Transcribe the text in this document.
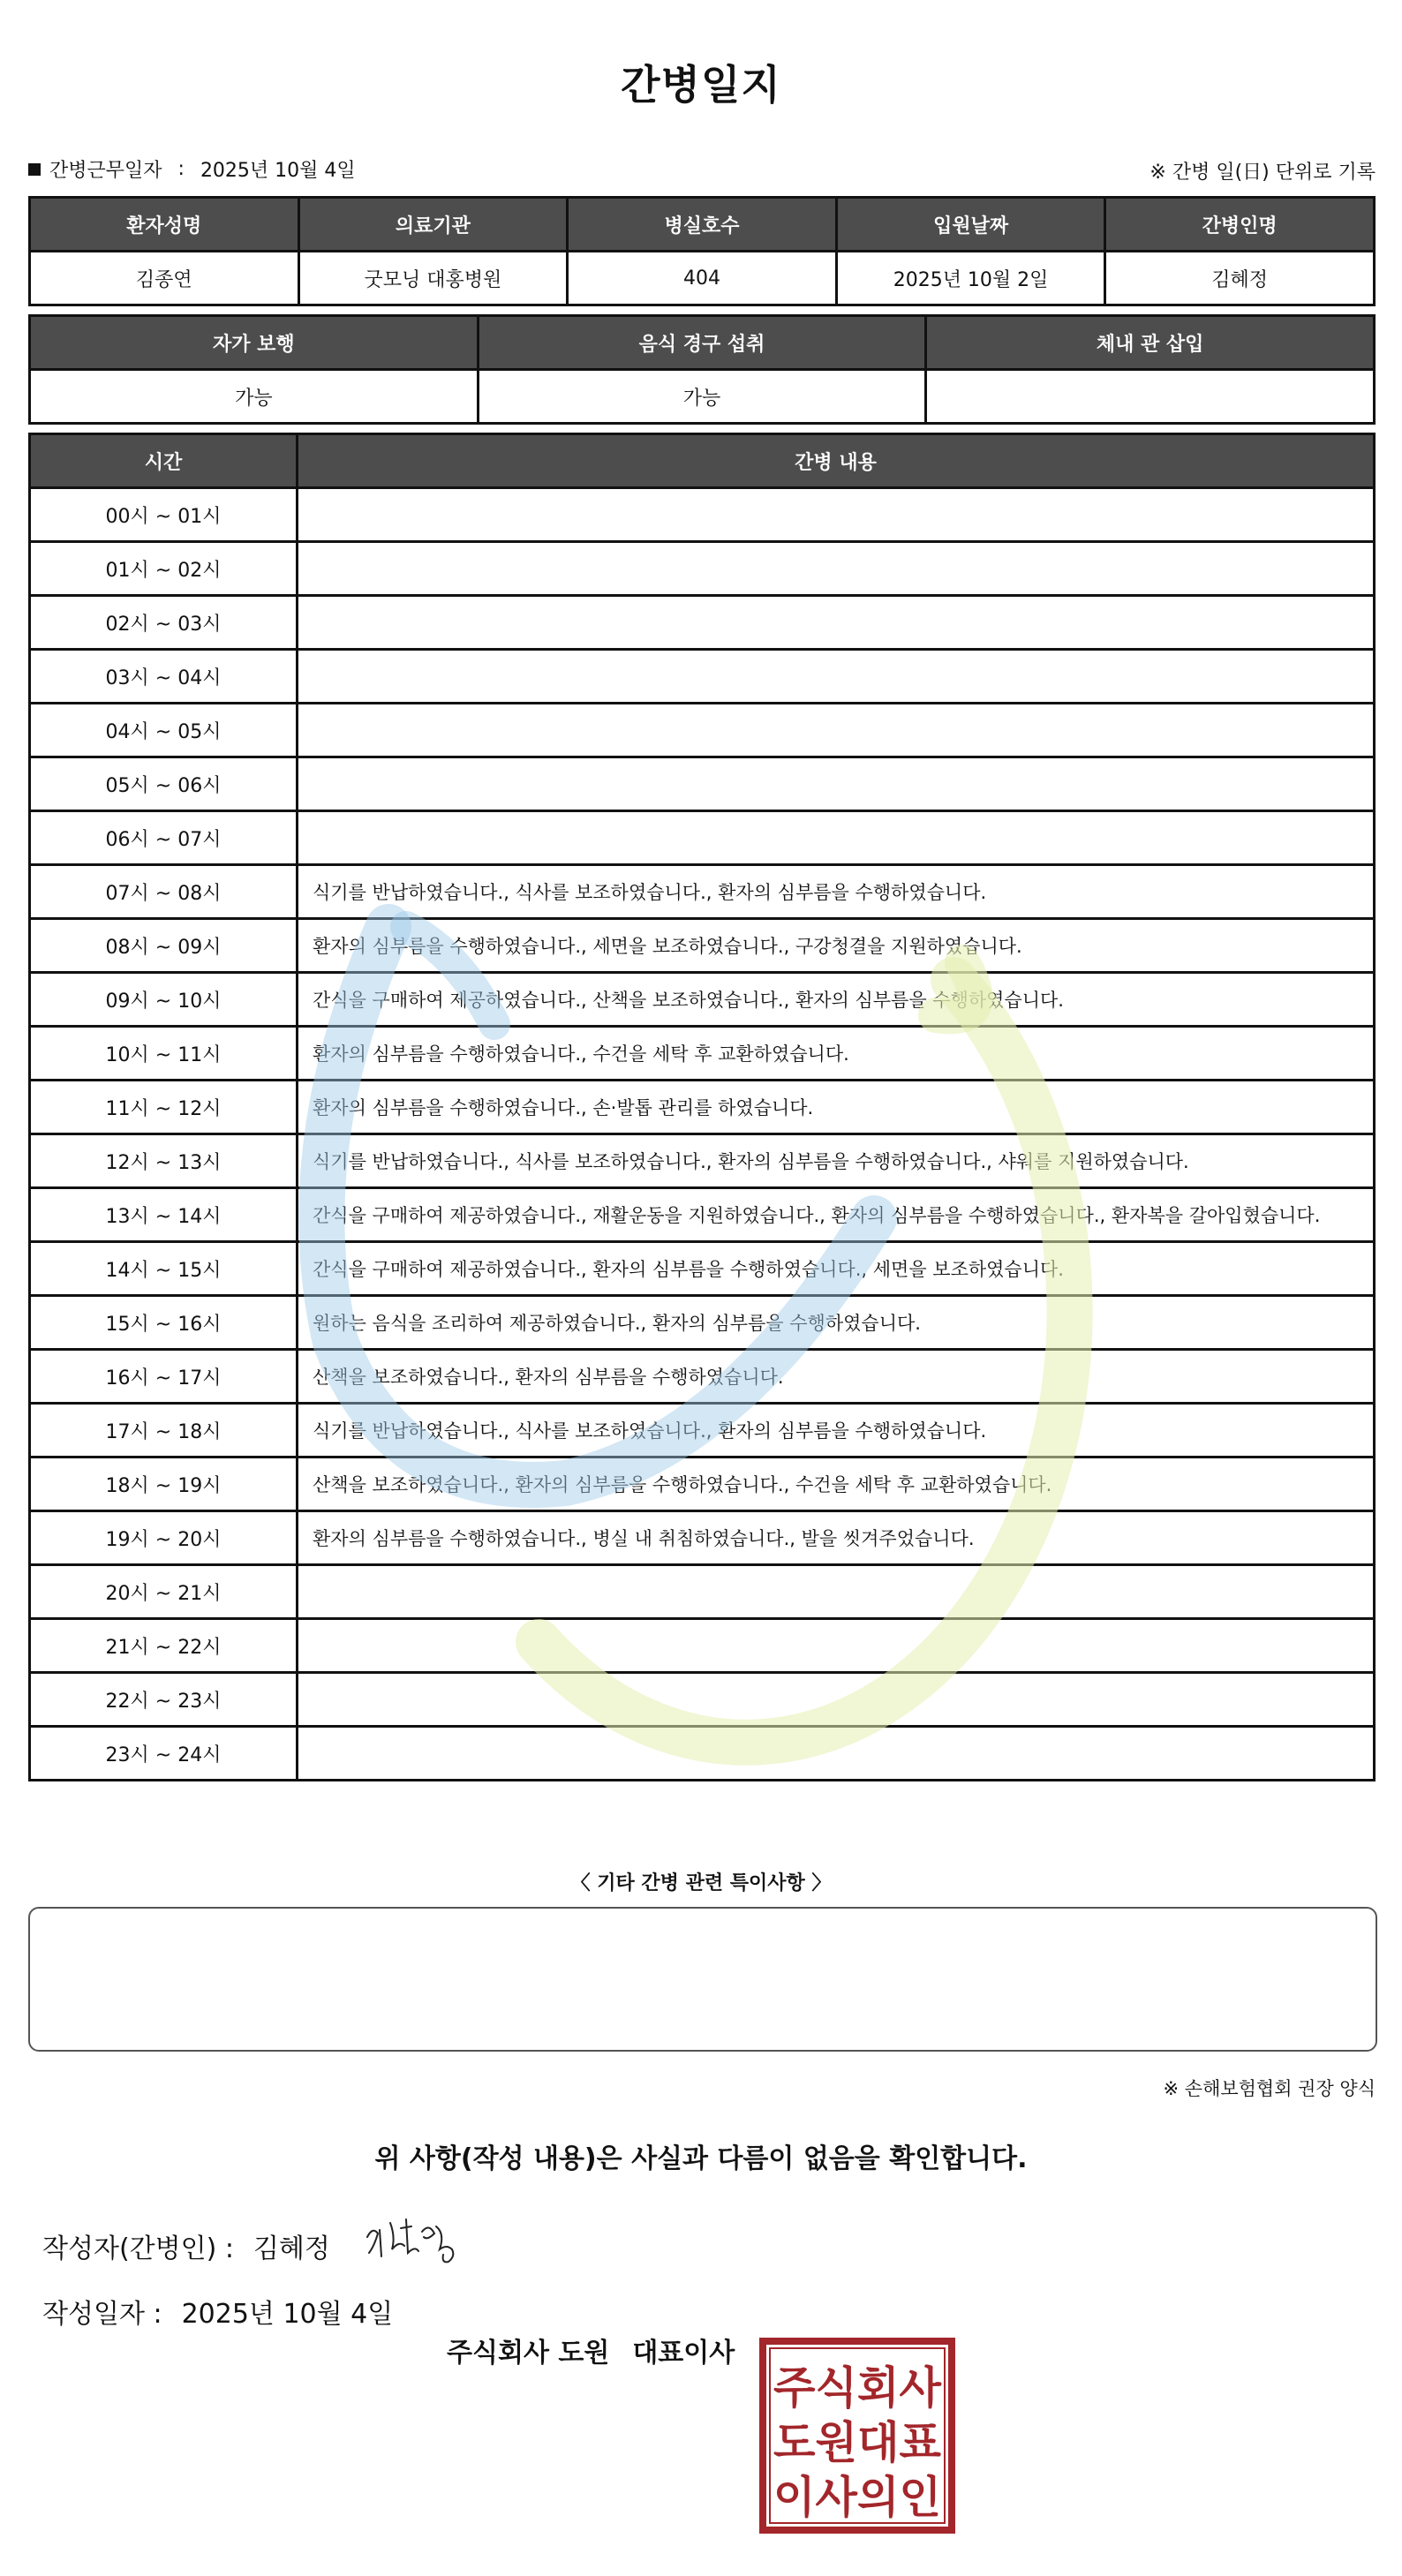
간병일지
간병근무일자 : 2025년 10월 4일	※ 간병 일(日) 단위로 기록
환자성명	의료기관	병실호수	입원날짜	간병인명
김종연	굿모닝 대홍병원	404	2025년 10월 2일	김혜정
자가 보행	음식 경구 섭취	체내 관 삽입
가능	가능	
시간	간병 내용
00시 ~ 01시	
01시 ~ 02시	
02시 ~ 03시	
03시 ~ 04시	
04시 ~ 05시	
05시 ~ 06시	
06시 ~ 07시	
07시 ~ 08시	식기를 반납하였습니다., 식사를 보조하였습니다., 환자의 심부름을 수행하였습니다.
08시 ~ 09시	환자의 심부름을 수행하였습니다., 세면을 보조하였습니다., 구강청결을 지원하였습니다.
09시 ~ 10시	간식을 구매하여 제공하였습니다., 산책을 보조하였습니다., 환자의 심부름을 수행하였습니다.
10시 ~ 11시	환자의 심부름을 수행하였습니다., 수건을 세탁 후 교환하였습니다.
11시 ~ 12시	환자의 심부름을 수행하였습니다., 손·발톱 관리를 하였습니다.
12시 ~ 13시	식기를 반납하였습니다., 식사를 보조하였습니다., 환자의 심부름을 수행하였습니다., 샤워를 지원하였습니다.
13시 ~ 14시	간식을 구매하여 제공하였습니다., 재활운동을 지원하였습니다., 환자의 심부름을 수행하였습니다., 환자복을 갈아입혔습니다.
14시 ~ 15시	간식을 구매하여 제공하였습니다., 환자의 심부름을 수행하였습니다., 세면을 보조하였습니다.
15시 ~ 16시	원하는 음식을 조리하여 제공하였습니다., 환자의 심부름을 수행하였습니다.
16시 ~ 17시	산책을 보조하였습니다., 환자의 심부름을 수행하였습니다.
17시 ~ 18시	식기를 반납하였습니다., 식사를 보조하였습니다., 환자의 심부름을 수행하였습니다.
18시 ~ 19시	산책을 보조하였습니다., 환자의 심부름을 수행하였습니다., 수건을 세탁 후 교환하였습니다.
19시 ~ 20시	환자의 심부름을 수행하였습니다., 병실 내 취침하였습니다., 발을 씻겨주었습니다.
20시 ~ 21시	
21시 ~ 22시	
22시 ~ 23시	
23시 ~ 24시	
〈 기타 간병 관련 특이사항 〉
※ 손해보험협회 권장 양식
위 사항(작성 내용)은 사실과 다름이 없음을 확인합니다.
작성자(간병인) : 김혜정
작성일자 : 2025년 10월 4일
주식회사 도원 대표이사
주식회사
도원대표
이사의인
